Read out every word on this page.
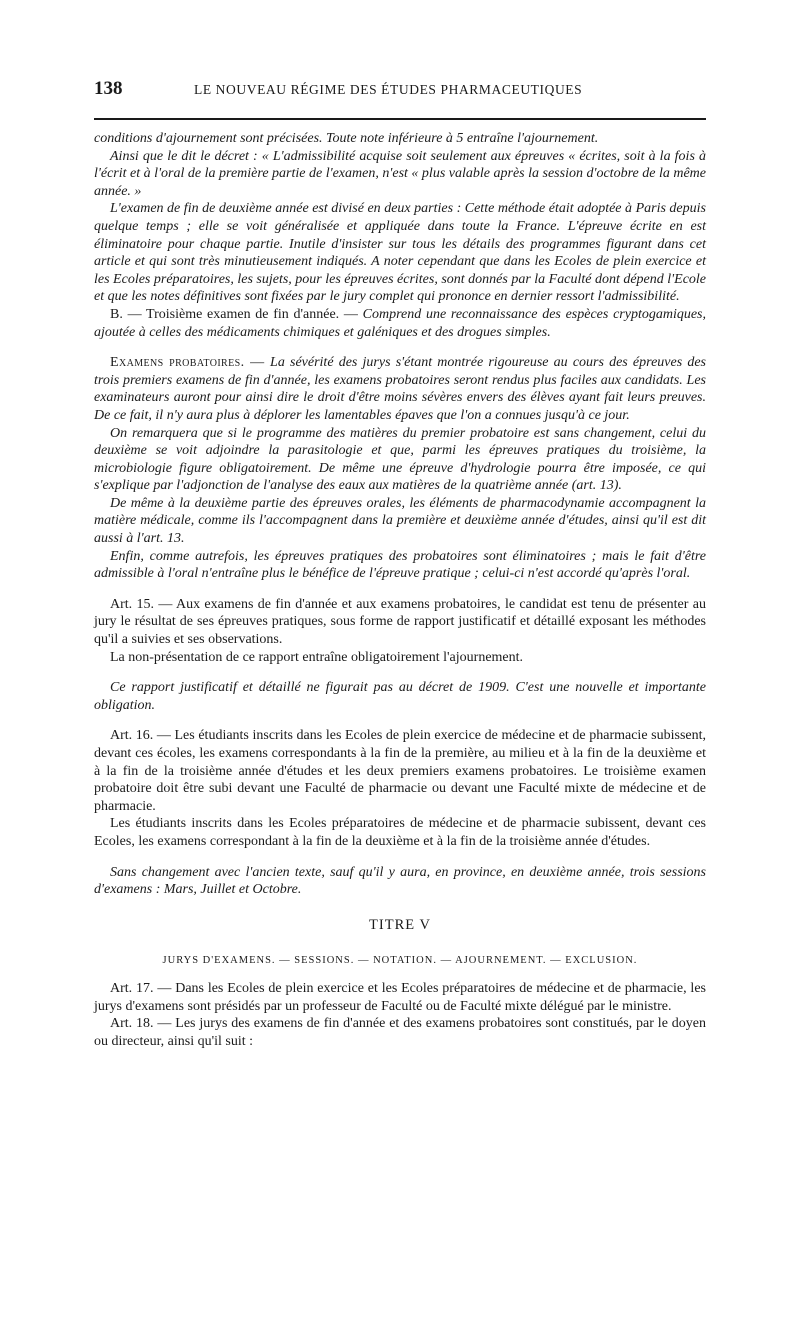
138	LE NOUVEAU RÉGIME DES ÉTUDES PHARMACEUTIQUES

conditions d'ajournement sont précisées. Toute note inférieure à 5 entraîne l'ajournement.

Ainsi que le dit le décret : « L'admissibilité acquise soit seulement aux épreuves « écrites, soit à la fois à l'écrit et à l'oral de la première partie de l'examen, n'est « plus valable après la session d'octobre de la même année. »

L'examen de fin de deuxième année est divisé en deux parties : Cette méthode était adoptée à Paris depuis quelque temps ; elle se voit généralisée et appliquée dans toute la France. L'épreuve écrite en est éliminatoire pour chaque partie. Inutile d'insister sur tous les détails des programmes figurant dans cet article et qui sont très minutieusement indiqués. A noter cependant que dans les Ecoles de plein exercice et les Ecoles préparatoires, les sujets, pour les épreuves écrites, sont donnés par la Faculté dont dépend l'Ecole et que les notes définitives sont fixées par le jury complet qui prononce en dernier ressort l'admissibilité.

B. — Troisième examen de fin d'année. — Comprend une reconnaissance des espèces cryptogamiques, ajoutée à celles des médicaments chimiques et galéniques et des drogues simples.

Examens probatoires. — La sévérité des jurys s'étant montrée rigoureuse au cours des épreuves des trois premiers examens de fin d'année, les examens probatoires seront rendus plus faciles aux candidats. Les examinateurs auront pour ainsi dire le droit d'être moins sévères envers des élèves ayant fait leurs preuves. De ce fait, il n'y aura plus à déplorer les lamentables épaves que l'on a connues jusqu'à ce jour.

On remarquera que si le programme des matières du premier probatoire est sans changement, celui du deuxième se voit adjoindre la parasitologie et que, parmi les épreuves pratiques du troisième, la microbiologie figure obligatoirement. De même une épreuve d'hydrologie pourra être imposée, ce qui s'explique par l'adjonction de l'analyse des eaux aux matières de la quatrième année (art. 13).

De même à la deuxième partie des épreuves orales, les éléments de pharmacodynamie accompagnent la matière médicale, comme ils l'accompagnent dans la première et deuxième année d'études, ainsi qu'il est dit aussi à l'art. 13.

Enfin, comme autrefois, les épreuves pratiques des probatoires sont éliminatoires ; mais le fait d'être admissible à l'oral n'entraîne plus le bénéfice de l'épreuve pratique ; celui-ci n'est accordé qu'après l'oral.

Art. 15. — Aux examens de fin d'année et aux examens probatoires, le candidat est tenu de présenter au jury le résultat de ses épreuves pratiques, sous forme de rapport justificatif et détaillé exposant les méthodes qu'il a suivies et ses observations.

La non-présentation de ce rapport entraîne obligatoirement l'ajournement.

Ce rapport justificatif et détaillé ne figurait pas au décret de 1909. C'est une nouvelle et importante obligation.

Art. 16. — Les étudiants inscrits dans les Ecoles de plein exercice de médecine et de pharmacie subissent, devant ces écoles, les examens correspondants à la fin de la première, au milieu et à la fin de la deuxième et à la fin de la troisième année d'études et les deux premiers examens probatoires. Le troisième examen probatoire doit être subi devant une Faculté de pharmacie ou devant une Faculté mixte de médecine et de pharmacie.

Les étudiants inscrits dans les Ecoles préparatoires de médecine et de pharmacie subissent, devant ces Ecoles, les examens correspondant à la fin de la deuxième et à la fin de la troisième année d'études.

Sans changement avec l'ancien texte, sauf qu'il y aura, en province, en deuxième année, trois sessions d'examens : Mars, Juillet et Octobre.

TITRE V

JURYS D'EXAMENS. — SESSIONS. — NOTATION. — AJOURNEMENT. — EXCLUSION.

Art. 17. — Dans les Ecoles de plein exercice et les Ecoles préparatoires de médecine et de pharmacie, les jurys d'examens sont présidés par un professeur de Faculté ou de Faculté mixte délégué par le ministre.

Art. 18. — Les jurys des examens de fin d'année et des examens probatoires sont constitués, par le doyen ou directeur, ainsi qu'il suit :
